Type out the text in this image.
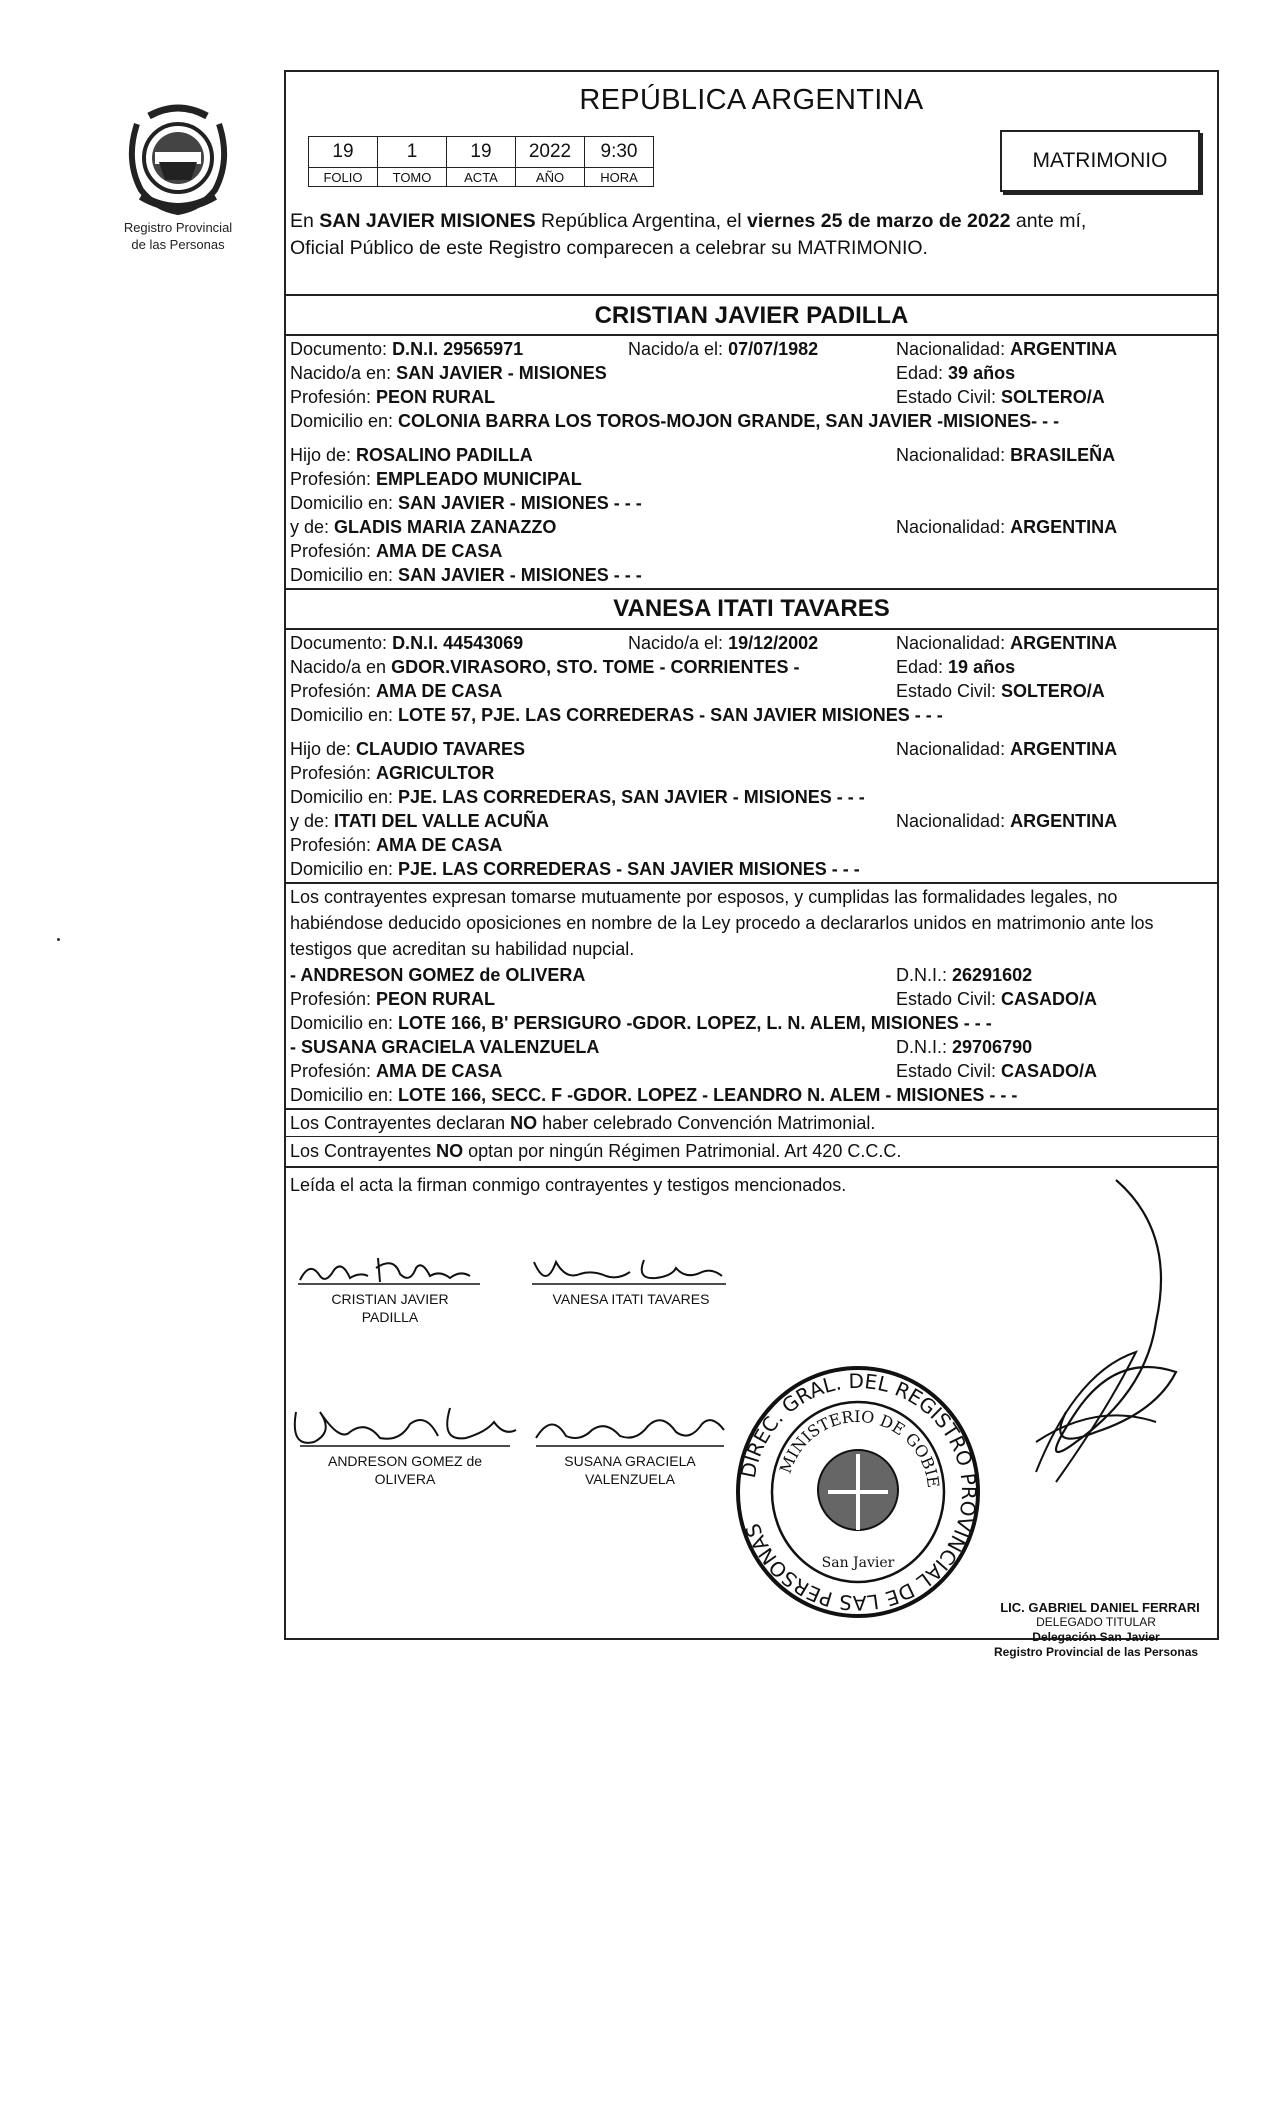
Registro Provincial
de las Personas
REPÚBLICA ARGENTINA
19	1	19	2022	9:30
FOLIO	TOMO	ACTA	AÑO	HORA
MATRIMONIO
En SAN JAVIER MISIONES República Argentina, el viernes 25 de marzo de 2022 ante mí,
Oficial Público de este Registro comparecen a celebrar su MATRIMONIO.
CRISTIAN JAVIER PADILLA
Documento: D.N.I. 29565971	Nacido/a el: 07/07/1982	Nacionalidad: ARGENTINA
Nacido/a en: SAN JAVIER - MISIONES	Edad: 39 años
Profesión: PEON RURAL	Estado Civil: SOLTERO/A
Domicilio en: COLONIA BARRA LOS TOROS-MOJON GRANDE, SAN JAVIER -MISIONES- - -
Hijo de: ROSALINO PADILLA	Nacionalidad: BRASILEÑA
Profesión: EMPLEADO MUNICIPAL
Domicilio en: SAN JAVIER - MISIONES - - -
y de: GLADIS MARIA ZANAZZO	Nacionalidad: ARGENTINA
Profesión: AMA DE CASA
Domicilio en: SAN JAVIER - MISIONES - - -
VANESA ITATI TAVARES
Documento: D.N.I. 44543069	Nacido/a el: 19/12/2002	Nacionalidad: ARGENTINA
Nacido/a en GDOR.VIRASORO, STO. TOME - CORRIENTES -	Edad: 19 años
Profesión: AMA DE CASA	Estado Civil: SOLTERO/A
Domicilio en: LOTE 57, PJE. LAS CORREDERAS - SAN JAVIER MISIONES - - -
Hijo de: CLAUDIO TAVARES	Nacionalidad: ARGENTINA
Profesión: AGRICULTOR
Domicilio en: PJE. LAS CORREDERAS, SAN JAVIER - MISIONES - - -
y de: ITATI DEL VALLE ACUÑA	Nacionalidad: ARGENTINA
Profesión: AMA DE CASA
Domicilio en: PJE. LAS CORREDERAS - SAN JAVIER MISIONES - - -
Los contrayentes expresan tomarse mutuamente por esposos, y cumplidas las formalidades legales, no habiéndose deducido oposiciones en nombre de la Ley procedo a declararlos unidos en matrimonio ante los testigos que acreditan su habilidad nupcial.
- ANDRESON GOMEZ de OLIVERA	D.N.I.: 26291602
Profesión: PEON RURAL	Estado Civil: CASADO/A
Domicilio en: LOTE 166, B' PERSIGURO -GDOR. LOPEZ, L. N. ALEM, MISIONES - - -
- SUSANA GRACIELA VALENZUELA	D.N.I.: 29706790
Profesión: AMA DE CASA	Estado Civil: CASADO/A
Domicilio en: LOTE 166, SECC. F -GDOR. LOPEZ - LEANDRO N. ALEM - MISIONES - - -
Los Contrayentes declaran NO haber celebrado Convención Matrimonial.
Los Contrayentes NO optan por ningún Régimen Patrimonial. Art 420 C.C.C.
Leída el acta la firman conmigo contrayentes y testigos mencionados.
CRISTIAN JAVIER
PADILLA
VANESA ITATI TAVARES
ANDRESON GOMEZ de
OLIVERA
SUSANA GRACIELA
VALENZUELA	DIREC. GRAL. DEL REGISTRO PROVINCIAL DE LAS PERSONAS
MINISTERIO DE GOBIE
San Javier
LIC. GABRIEL DANIEL FERRARI
DELEGADO TITULAR
Delegación San Javier
Registro Provincial de las Personas
